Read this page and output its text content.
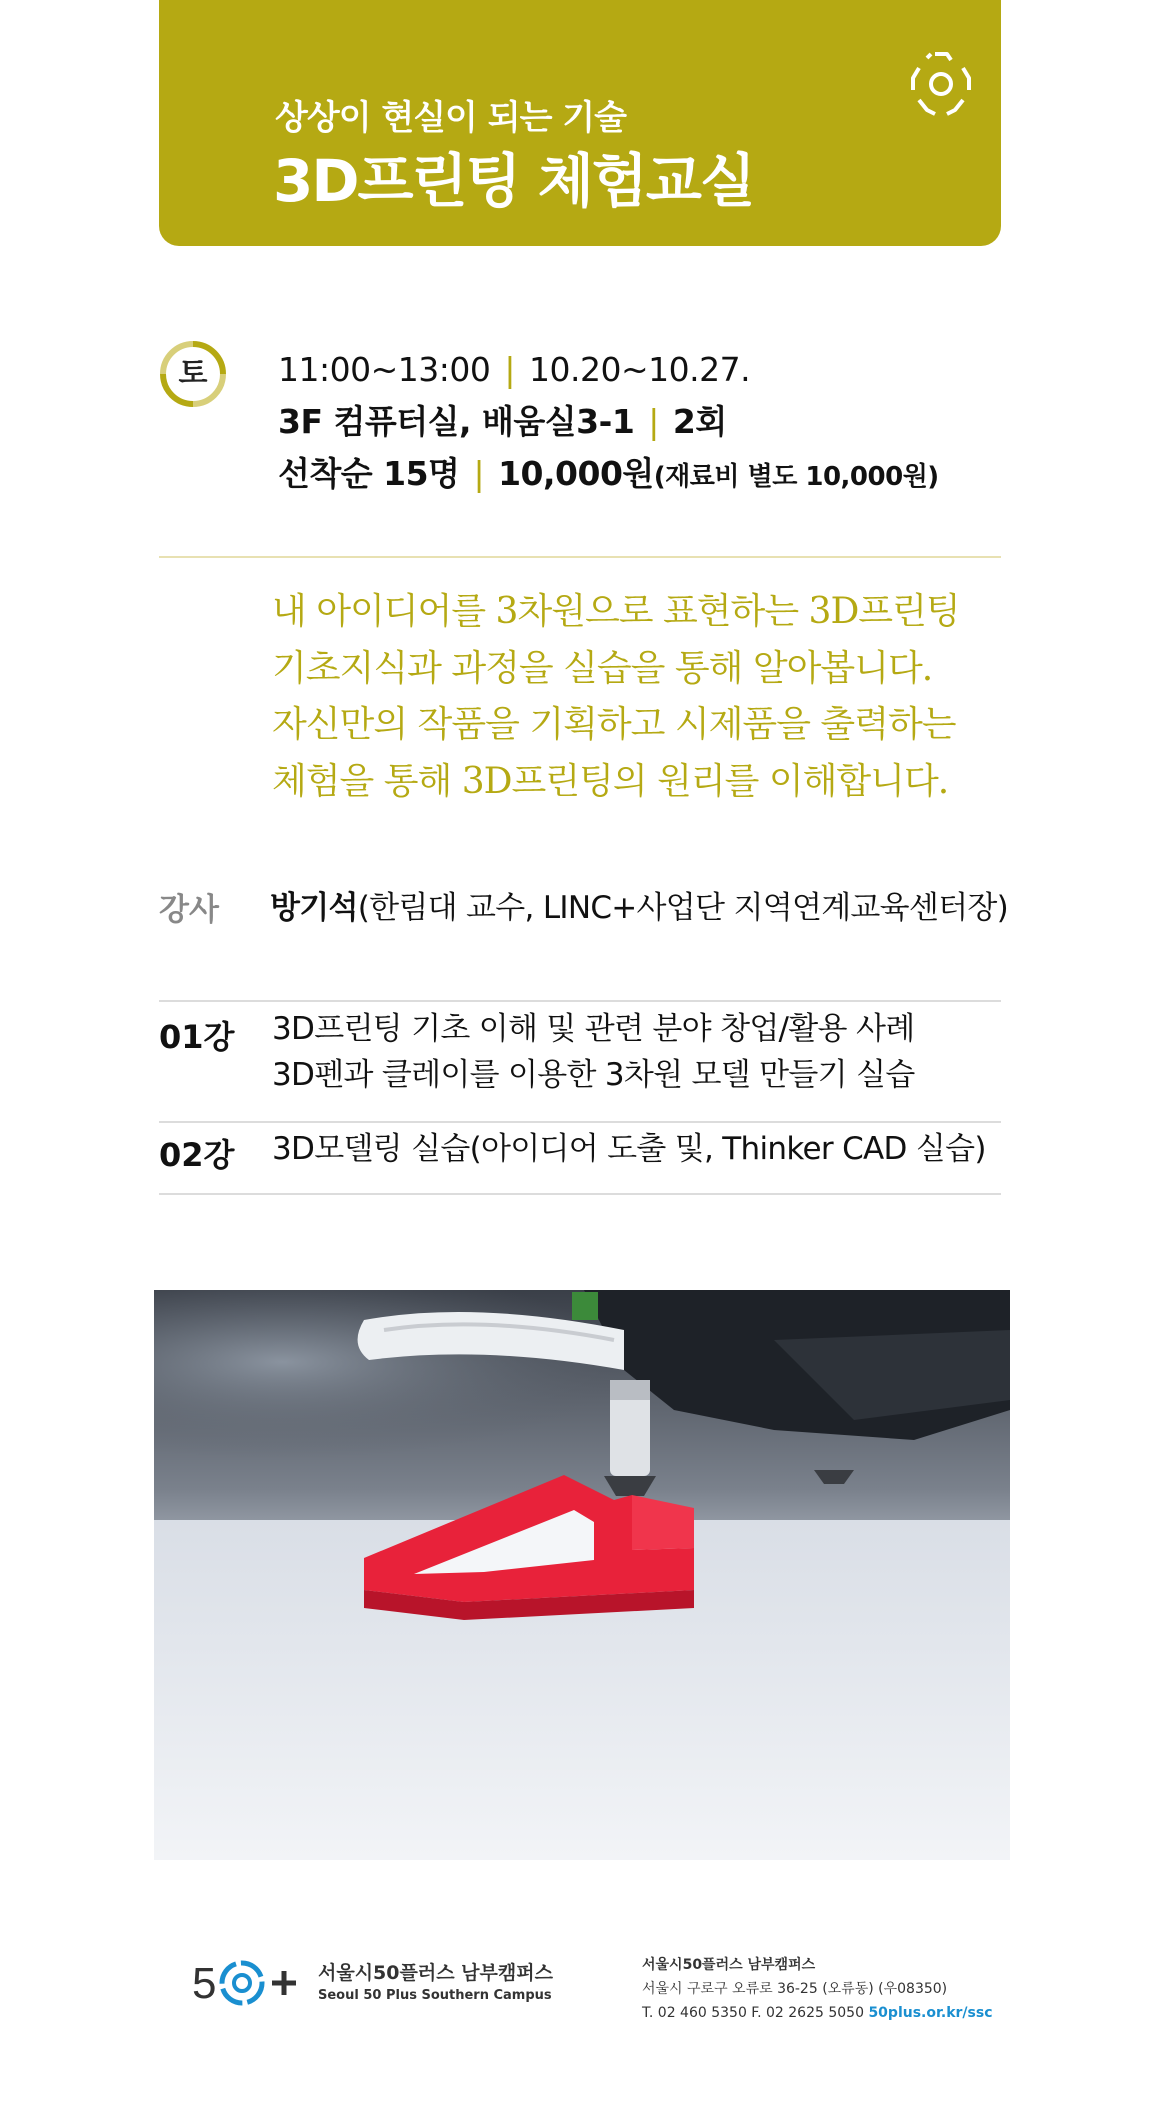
상상이 현실이 되는 기술
3D프린팅 체험교실
토	11:00~13:00 | 10.20~10.27.
3F 컴퓨터실, 배움실3-1 | 2회
선착순 15명 | 10,000원(재료비 별도 10,000원)
내 아이디어를 3차원으로 표현하는 3D프린팅
기초지식과 과정을 실습을 통해 알아봅니다.
자신만의 작품을 기획하고 시제품을 출력하는
체험을 통해 3D프린팅의 원리를 이해합니다.
강사 방기석(한림대 교수, LINC+사업단 지역연계교육센터장)
01강 3D프린팅 기초 이해 및 관련 분야 창업/활용 사례
3D펜과 클레이를 이용한 3차원 모델 만들기 실습
02강 3D모델링 실습(아이디어 도출 및, Thinker CAD 실습)
5	서울시50플러스 남부캠퍼스
Seoul 50 Plus Southern Campus
서울시50플러스 남부캠퍼스
서울시 구로구 오류로 36-25 (오류동) (우08350)
T. 02 460 5350 F. 02 2625 5050 50plus.or.kr/ssc
